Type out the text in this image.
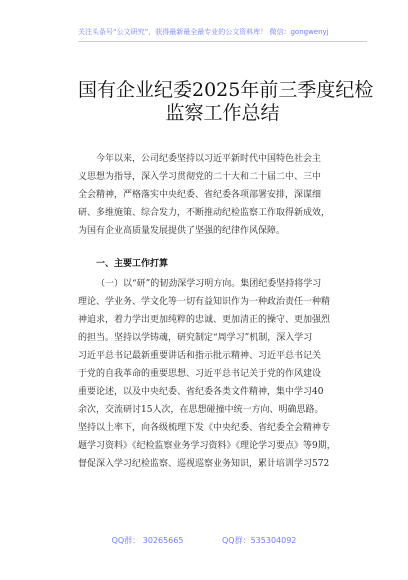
关注头条号“公文研究”，获得最新最全最专业的公文资料库！ 微信：gongwenyj
国有企业纪委2025年前三季度纪检
监察工作总结

今年以来，公司纪委坚持以习近平新时代中国特色社会主
义思想为指导，深入学习贯彻党的二十大和二十届二中、三中
全会精神，严格落实中央纪委、省纪委各项部署安排，深谋细
研、多维施策、综合发力，不断推动纪检监察工作取得新成效，
为国有企业高质量发展提供了坚强的纪律作风保障。

一、主要工作打算

（一）以“研”的韧劲深学习明方向。集团纪委坚持将学习
理论、学业务、学文化等一切有益知识作为一种政治责任一种精
神追求，着力学出更加纯粹的忠诚、更加清正的操守、更加强烈
的担当。坚持以学铸魂，研究制定“周学习”机制，深入学习
习近平总书记最新重要讲话和指示批示精神、习近平总书记关
于党的自我革命的重要思想、习近平总书记关于党的作风建设
重要论述，以及中央纪委、省纪委各类文件精神，集中学习40
余次，交流研讨15人次，在思想碰撞中统一方向、明确思路。
坚持以上率下，向各级梳理下发《中央纪委、省纪委全会精神专
题学习资料》《纪检监察业务学习资料》《理论学习要点》等9期，
督促深入学习纪检监察、巡视巡察业务知识，累计培训学习572

QQ群： 30265665	QQ群：535304092
